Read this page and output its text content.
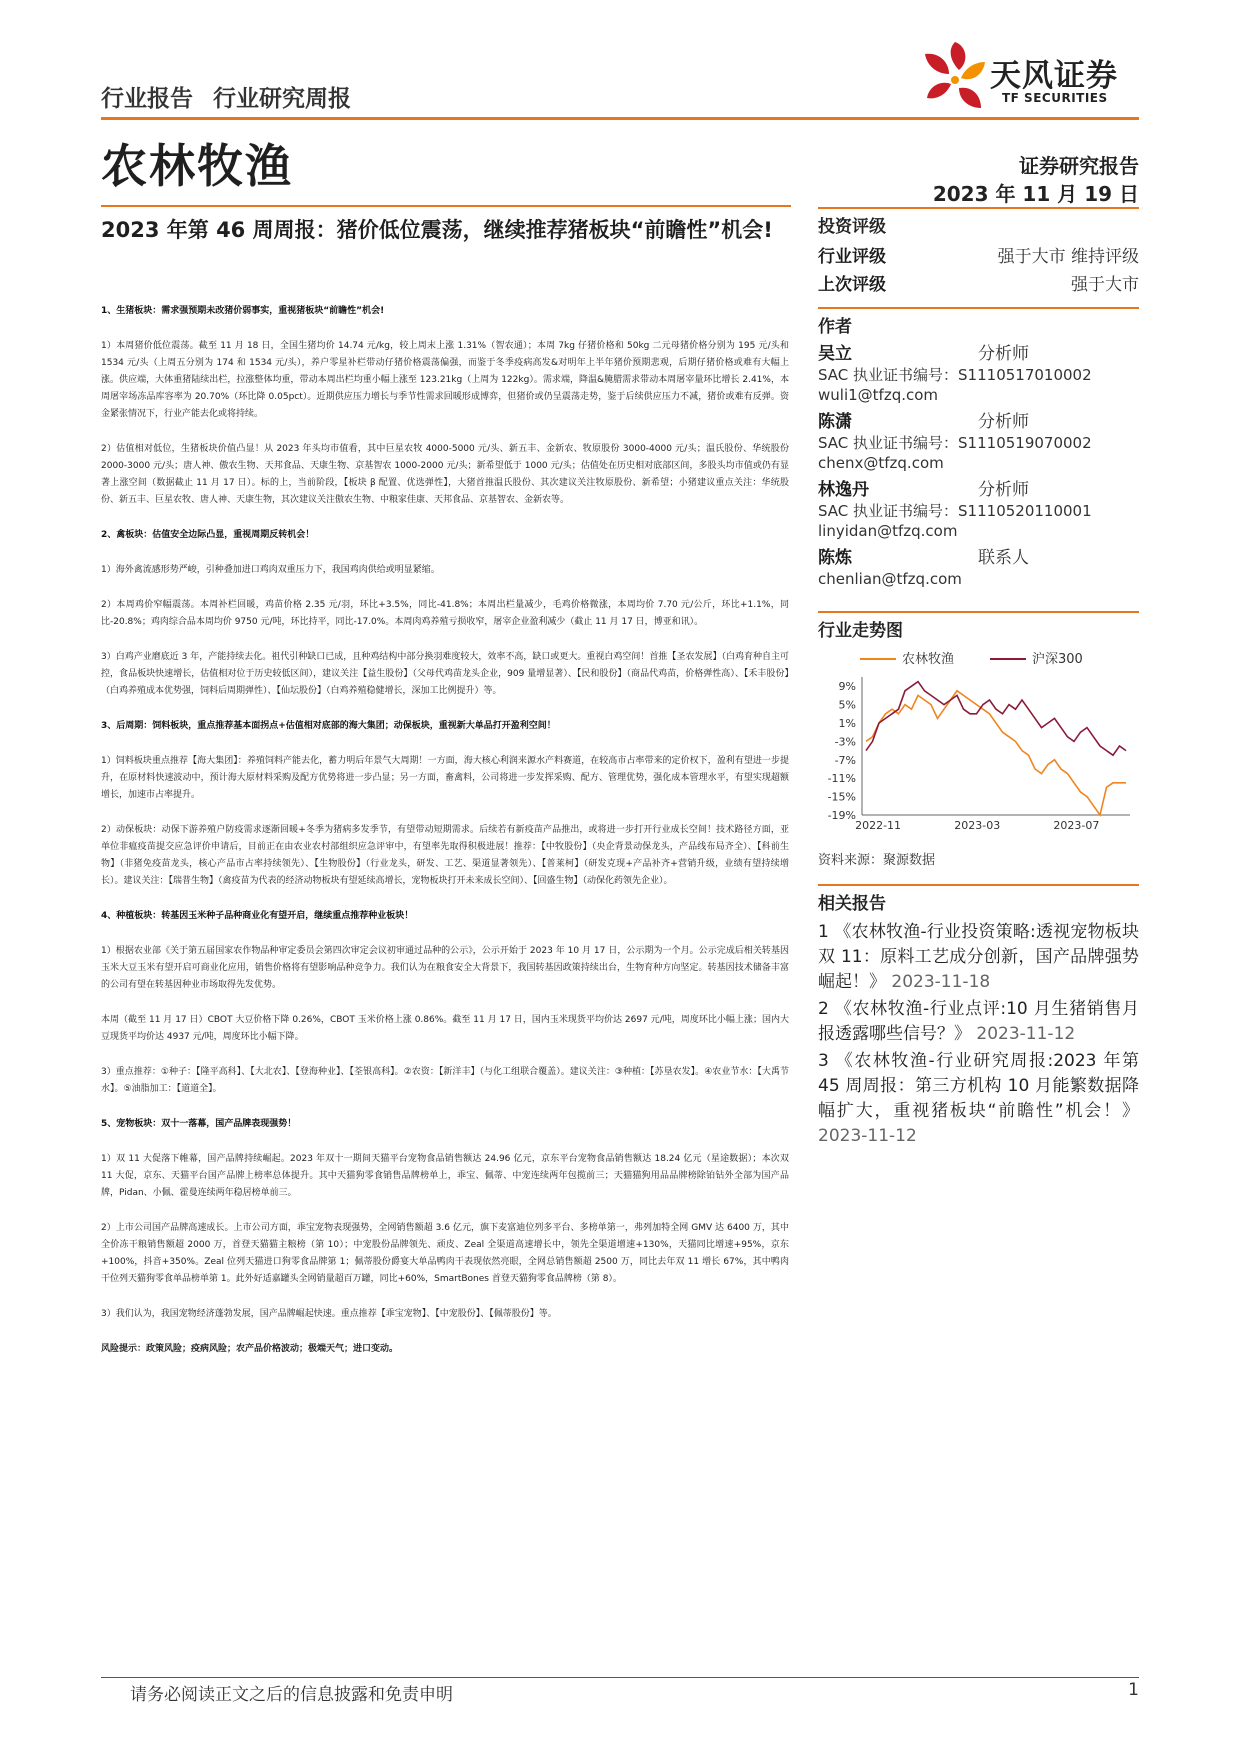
天风证券
TF SECURITIES
行业报告 行业研究周报
农林牧渔	证券研究报告
2023 年 11 月 19 日
2023 年第 46 周周报：猪价低位震荡，继续推荐猪板块“前瞻性”机会!
1、生猪板块：需求强预期未改猪价弱事实，重视猪板块“前瞻性”机会!

1）本周猪价低位震荡。截至 11 月 18 日，全国生猪均价 14.74 元/kg，较上周末上涨 1.31%（智农通）；本周 7kg 仔猪价格和 50kg 二元母猪价格分别为 195 元/头和 1534 元/头（上周五分别为 174 和 1534 元/头），养户零星补栏带动仔猪价格震荡偏强，而鉴于冬季疫病高发&对明年上半年猪价预期悲观，后期仔猪价格或难有大幅上涨。供应端，大体重猪陆续出栏，拉涨整体均重，带动本周出栏均重小幅上涨至 123.21kg（上周为 122kg）。需求端，降温&腌腊需求带动本周屠宰量环比增长 2.41%，本周屠宰场冻品库容率为 20.70%（环比降 0.05pct）。近期供应压力增长与季节性需求回暖形成博弈，但猪价或仍呈震荡走势，鉴于后续供应压力不减，猪价或难有反弹。资金紧张情况下，行业产能去化或将持续。

2）估值相对低位，生猪板块价值凸显！从 2023 年头均市值看，其中巨星农牧 4000-5000 元/头、新五丰、金新农、牧原股份 3000-4000 元/头；温氏股份、华统股份 2000-3000 元/头；唐人神、傲农生物、天邦食品、天康生物、京基智农 1000-2000 元/头；新希望低于 1000 元/头；估值处在历史相对底部区间，多股头均市值或仍有显著上涨空间（数据截止 11 月 17 日）。标的上，当前阶段，【板块 β 配置、优选弹性】，大猪首推温氏股份、其次建议关注牧原股份、新希望；小猪建议重点关注：华统股份、新五丰、巨星农牧、唐人神、天康生物，其次建议关注傲农生物、中粮家佳康、天邦食品、京基智农、金新农等。

2、禽板块：估值安全边际凸显，重视周期反转机会！

1）海外禽流感形势严峻，引种叠加进口鸡肉双重压力下，我国鸡肉供给或明显紧缩。

2）本周鸡价窄幅震荡。本周补栏回暖，鸡苗价格 2.35 元/羽，环比+3.5%，同比-41.8%；本周出栏量减少，毛鸡价格微涨，本周均价 7.70 元/公斤，环比+1.1%，同比-20.8%；鸡肉综合品本周均价 9750 元/吨，环比持平，同比-17.0%。本周肉鸡养殖亏损收窄，屠宰企业盈利减少（截止 11 月 17 日，博亚和讯）。

3）白鸡产业磨底近 3 年，产能持续去化。祖代引种缺口已成，且种鸡结构中部分换羽难度较大，效率不高，缺口或更大。重视白鸡空间！首推【圣农发展】（白鸡育种自主可控，食品板块快速增长，估值相对位于历史较低区间），建议关注【益生股份】（父母代鸡苗龙头企业，909 量增显著）、【民和股份】（商品代鸡苗，价格弹性高）、【禾丰股份】（白鸡养殖成本优势强，饲料后周期弹性）、【仙坛股份】（白鸡养殖稳健增长，深加工比例提升）等。

3、后周期：饲料板块，重点推荐基本面拐点+估值相对底部的海大集团；动保板块，重视新大单品打开盈利空间！

1）饲料板块重点推荐【海大集团】：养殖饲料产能去化，蓄力明后年景气大周期！一方面，海大核心利润来源水产料赛道，在较高市占率带来的定价权下，盈利有望进一步提升，在原材料快速波动中，预计海大原材料采购及配方优势将进一步凸显；另一方面，畜禽料，公司将进一步发挥采购、配方、管理优势，强化成本管理水平，有望实现超额增长，加速市占率提升。

2）动保板块：动保下游养殖户防疫需求逐渐回暖+冬季为猪病多发季节，有望带动短期需求。后续若有新疫苗产品推出，或将进一步打开行业成长空间！技术路径方面，亚单位非瘟疫苗提交应急评价申请后，目前正在由农业农村部组织应急评审中，有望率先取得积极进展！推荐：【中牧股份】（央企背景动保龙头，产品线布局齐全）、【科前生物】（非猪免疫苗龙头，核心产品市占率持续领先）、【生物股份】（行业龙头，研发、工艺、渠道显著领先）、【普莱柯】（研发克现+产品补齐+营销升级，业绩有望持续增长）。建议关注：【瑞普生物】（禽疫苗为代表的经济动物板块有望延续高增长，宠物板块打开未来成长空间）、【回盛生物】（动保化药领先企业）。

4、种植板块：转基因玉米种子品种商业化有望开启，继续重点推荐种业板块！

1）根据农业部《关于第五届国家农作物品种审定委员会第四次审定会议初审通过品种的公示》，公示开始于 2023 年 10 月 17 日，公示期为一个月。公示完成后相关转基因玉米大豆玉米有望开启可商业化应用，销售价格将有望影响品种竞争力。我们认为在粮食安全大背景下，我国转基因政策持续出台，生物育种方向坚定。转基因技术储备丰富的公司有望在转基因种业市场取得先发优势。

本周（截至 11 月 17 日）CBOT 大豆价格下降 0.26%，CBOT 玉米价格上涨 0.86%。截至 11 月 17 日，国内玉米现货平均价达 2697 元/吨，周度环比小幅上涨；国内大豆现货平均价达 4937 元/吨，周度环比小幅下降。

3）重点推荐：①种子：【隆平高科】、【大北农】、【登海种业】、【荃银高科】。②农资：【新洋丰】（与化工组联合覆盖）。建议关注：③种植：【苏垦农发】。④农业节水：【大禹节水】。⑤油脂加工：【道道全】。

5、宠物板块：双十一落幕，国产品牌表现强势！

1）双 11 大促落下帷幕，国产品牌持续崛起。2023 年双十一期间天猫平台宠物食品销售额达 24.96 亿元，京东平台宠物食品销售额达 18.24 亿元（星途数据）；本次双 11 大促，京东、天猫平台国产品牌上榜率总体提升。其中天猫狗零食销售品牌榜单上，乖宝、佩蒂、中宠连续两年包揽前三；天猫猫狗用品品牌榜除铂钻外全部为国产品牌，Pidan、小佩、霍曼连续两年稳居榜单前三。

2）上市公司国产品牌高速成长。上市公司方面，乖宝宠物表现强势，全网销售额超 3.6 亿元，旗下麦富迪位列多平台、多榜单第一，弗列加特全网 GMV 达 6400 万，其中全价冻干粮销售额超 2000 万，首登天猫猫主粮榜（第 10）；中宠股份品牌领先、顽皮、Zeal 全渠道高速增长中，领先全渠道增速+130%，天猫同比增速+95%，京东+100%，抖音+350%。Zeal 位列天猫进口狗零食品牌第 1；佩蒂股份爵宴大单品鸭肉干表现依然亮眼，全网总销售额超 2500 万，同比去年双 11 增长 67%，其中鸭肉干位列天猫狗零食单品榜单第 1。此外好适嘉罐头全网销量超百万罐，同比+60%，SmartBones 首登天猫狗零食品牌榜（第 8）。

3）我们认为，我国宠物经济蓬勃发展，国产品牌崛起快速。重点推荐【乖宝宠物】、【中宠股份】、【佩蒂股份】等。

风险提示：政策风险；疫病风险；农产品价格波动；极端天气；进口变动。

投资评级
行业评级	强于大市 维持评级
上次评级	强于大市
作者
吴立	分析师
SAC 执业证书编号：S1110517010002
wuli1@tfzq.com
陈潇	分析师
SAC 执业证书编号：S1110519070002
chenx@tfzq.com
林逸丹	分析师
SAC 执业证书编号：S1110520110001
linyidan@tfzq.com
陈炼	联系人
chenlian@tfzq.com
行业走势图
农林牧渔	沪深300
9%
5%
1%
-3%
-7%
-11%
-15%
-19%
2022-11	2023-03	2023-07
资料来源：聚源数据
相关报告
1 《农林牧渔-行业投资策略:透视宠物板块双 11：原料工艺成分创新，国产品牌强势崛起！》 2023-11-18
2 《农林牧渔-行业点评:10 月生猪销售月报透露哪些信号？》 2023-11-12
3 《农林牧渔-行业研究周报:2023 年第 45 周周报：第三方机构 10 月能繁数据降幅扩大，重视猪板块“前瞻性”机会！》 2023-11-12
请务必阅读正文之后的信息披露和免责申明	1
